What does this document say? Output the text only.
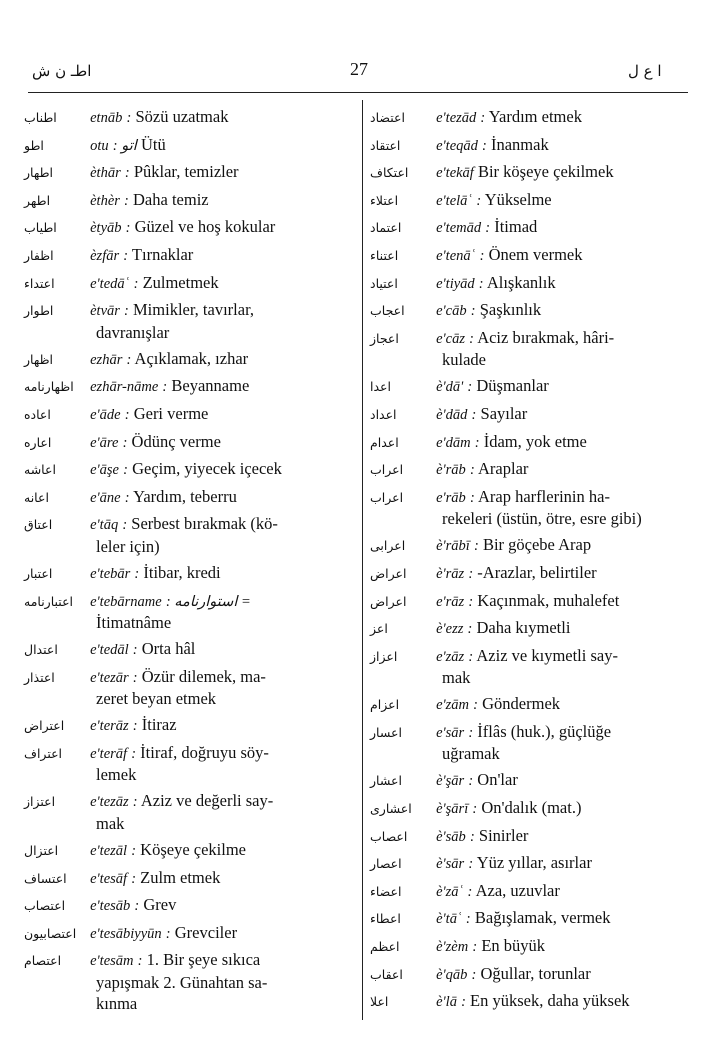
اطـ ن ش	27	ا ع ل
اطناب etnāb : Sözü uzatmak
اطو	otu : اتو Ütü
اطهار	èthār : Pûklar, temizler
اطهر	èthèr : Daha temiz
اطياب ètyāb : Güzel ve hoş kokular
اظفار	èzfār : Tırnaklar
اعتداء e'tedāʿ : Zulmetmek
اطوار	ètvār : Mimikler, tavırlar,
davranışlar
اظهار	ezhār : Açıklamak, ızhar
اظهارنامه ezhār-nāme : Beyanname
اعاده	e'āde : Geri verme
اعاره	e'āre : Ödünç verme
اعاشه e'āşe : Geçim, yiyecek içecek
اعانه	e'āne : Yardım, teberru
اعتاق	e'tāq : Serbest bırakmak (kö-
leler için)
اعتبار	e'tebār : İtibar, kredi
اعتبارنامه e'tebārname : استوارنامه =
İtimatnâme
اعتدال e'tedāl : Orta hâl
اعتذار e'tezār : Özür dilemek, ma-
zeret beyan etmek
اعتراض e'terāz : İtiraz
اعتراف e'terāf : İtiraf, doğruyu söy-
lemek
اعتزاز e'tezāz : Aziz ve değerli say-
mak
اعتزال e'tezāl : Köşeye çekilme
اعتساف e'tesāf : Zulm etmek
اعتصاب e'tesāb : Grev
اعتصابيون e'tesābiyyūn : Grevciler
اعتصام e'tesām : 1. Bir şeye sıkıca
yapışmak 2. Günahtan sa-
kınma
اعتضاد e'tezād : Yardım etmek
اعتقاد e'teqād : İnanmak
اعتكاف e'tekāf Bir köşeye çekilmek
اعتلاء	e'telāʿ : Yükselme
اعتماد e'temād : İtimad
اعتناء	e'tenāʿ : Önem vermek
اعتياد	e'tiyād : Alışkanlık
اعجاب e'cāb : Şaşkınlık
اعجاز	e'cāz : Aciz bırakmak, hâri-
kulade
اعدا	è'dā' : Düşmanlar
اعداد	è'dād : Sayılar
اعدام	e'dām : İdam, yok etme
اعراب è'rāb : Araplar
اعراب e'rāb : Arap harflerinin ha-
rekeleri (üstün, ötre, esre gibi)
اعرابى è'rābī : Bir göçebe Arap
اعراض è'rāz : -Arazlar, belirtiler
اعراض e'rāz : Kaçınmak, muhalefet
اعز	è'ezz : Daha kıymetli
اعزاز	e'zāz : Aziz ve kıymetli say-
mak
اعزام	e'zām : Göndermek
اعسار e'sār : İflâs (huk.), güçlüğe
uğramak
اعشار è'şār : On'lar
اعشارى è'şārī : On'dalık (mat.)
اعصاب è'sāb : Sinirler
اعصار è'sār : Yüz yıllar, asırlar
اعضاء è'zāʿ : Aza, uzuvlar
اعطاء è'tāʿ : Bağışlamak, vermek
اعظم	è'zèm : En büyük
اعقاب è'qāb : Oğullar, torunlar
اعلا	è'lā : En yüksek, daha yüksek
